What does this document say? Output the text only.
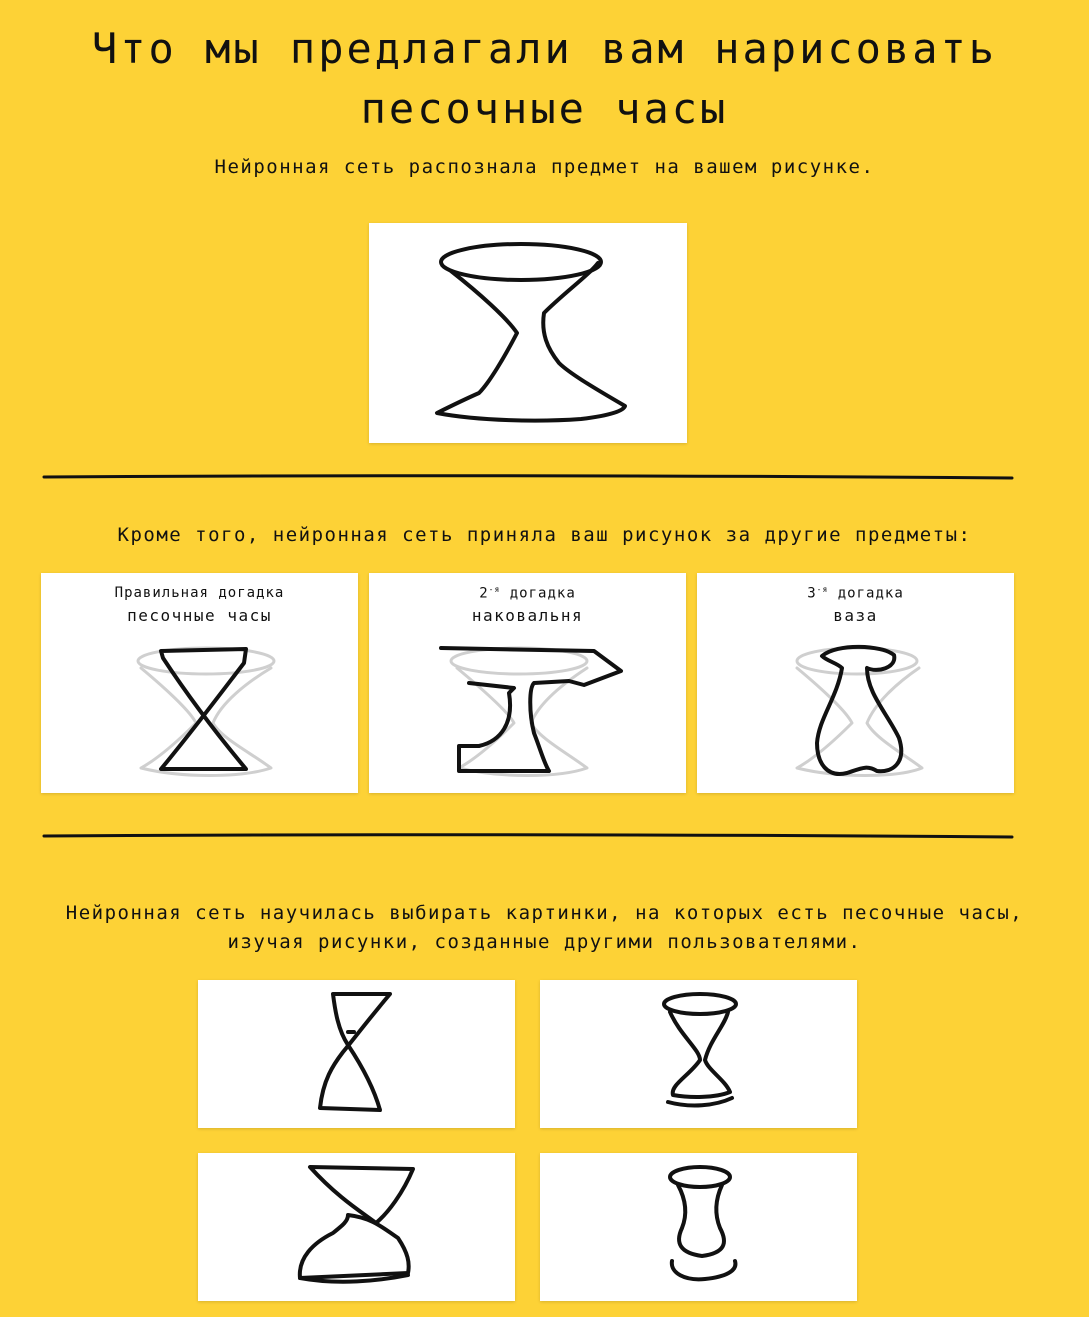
Что мы предлагали вам нарисовать
песочные часы
Нейронная сеть распознала предмет на вашем рисунке.
Кроме того, нейронная сеть приняла ваш рисунок за другие предметы:
Правильная догадка
песочные часы
$2^{-я}$ догадка
наковальня
$3^{-я}$ догадка
ваза
Нейронная сеть научилась выбирать картинки, на которых есть песочные часы,
изучая рисунки, созданные другими пользователями.
